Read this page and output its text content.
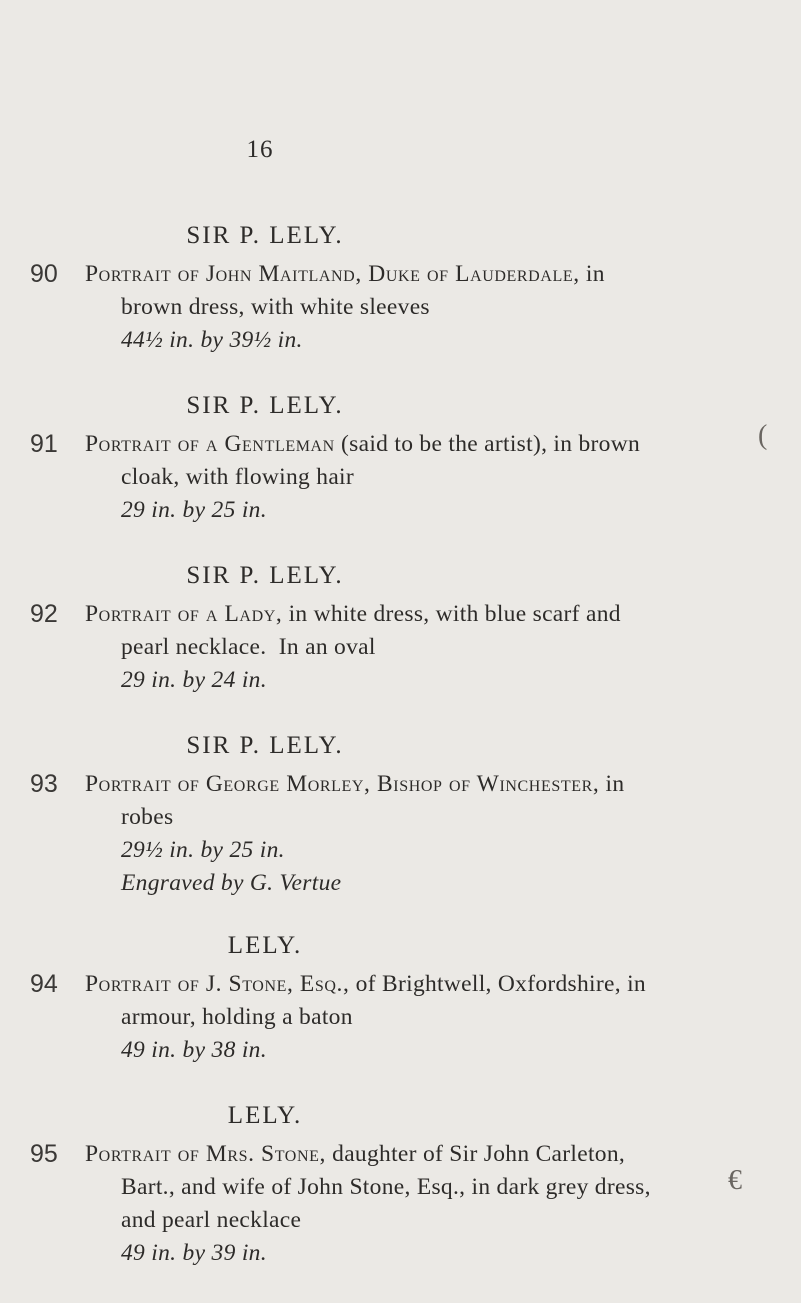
16
SIR P. LELY.
90 Portrait of John Maitland, Duke of Lauderdale, in
brown dress, with white sleeves
44½ in. by 39½ in.
SIR P. LELY.
91 Portrait of a Gentleman (said to be the artist), in brown
cloak, with flowing hair
29 in. by 25 in.
SIR P. LELY.
92 Portrait of a Lady, in white dress, with blue scarf and
pearl necklace.  In an oval
29 in. by 24 in.
SIR P. LELY.
93 Portrait of George Morley, Bishop of Winchester, in
robes
29½ in. by 25 in.
Engraved by G. Vertue
LELY.
94 Portrait of J. Stone, Esq., of Brightwell, Oxfordshire, in
armour, holding a baton
49 in. by 38 in.
LELY.
95 Portrait of Mrs. Stone, daughter of Sir John Carleton,
Bart., and wife of John Stone, Esq., in dark grey dress,
and pearl necklace
49 in. by 39 in.
(
€
